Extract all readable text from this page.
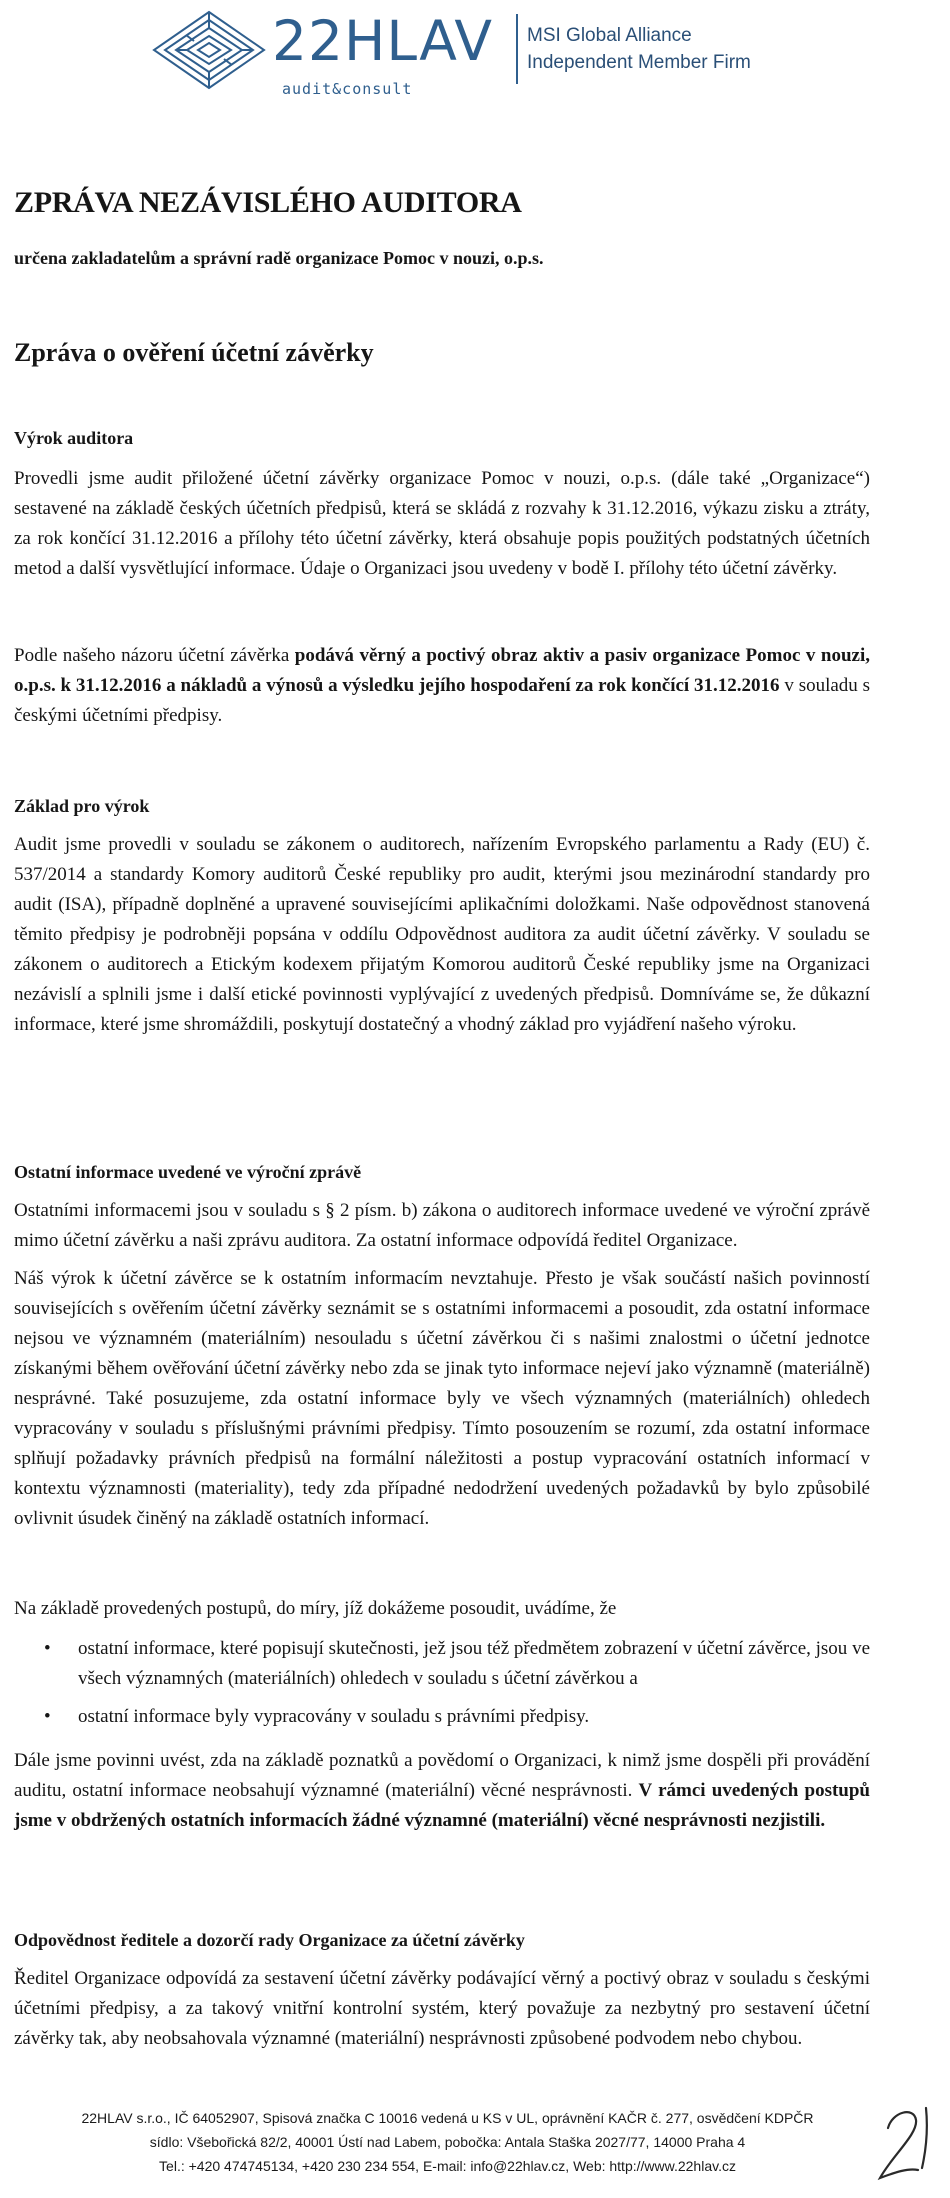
22HLAV
audit&consult
MSI Global Alliance
Independent Member Firm
ZPRÁVA NEZÁVISLÉHO AUDITORA
určena zakladatelům a správní radě organizace Pomoc v nouzi, o.p.s.
Zpráva o ověření účetní závěrky
Výrok auditora

Provedli jsme audit přiložené účetní závěrky organizace Pomoc v nouzi, o.p.s. (dále také „Organizace“) sestavené na základě českých účetních předpisů, která se skládá z rozvahy k 31.12.2016, výkazu zisku a ztráty, za rok končící 31.12.2016 a přílohy této účetní závěrky, která obsahuje popis použitých podstatných účetních metod a další vysvětlující informace. Údaje o Organizaci jsou uvedeny v bodě I. přílohy této účetní závěrky.

Podle našeho názoru účetní závěrka podává věrný a poctivý obraz aktiv a pasiv organizace Pomoc v nouzi, o.p.s. k 31.12.2016 a nákladů a výnosů a výsledku jejího hospodaření za rok končící 31.12.2016 v souladu s českými účetními předpisy.

Základ pro výrok

Audit jsme provedli v souladu se zákonem o auditorech, nařízením Evropského parlamentu a Rady (EU) č. 537/2014 a standardy Komory auditorů České republiky pro audit, kterými jsou mezinárodní standardy pro audit (ISA), případně doplněné a upravené souvisejícími aplikačními doložkami. Naše odpovědnost stanovená těmito předpisy je podrobněji popsána v oddílu Odpovědnost auditora za audit účetní závěrky. V souladu se zákonem o auditorech a Etickým kodexem přijatým Komorou auditorů České republiky jsme na Organizaci nezávislí a splnili jsme i další etické povinnosti vyplývající z uvedených předpisů. Domníváme se, že důkazní informace, které jsme shromáždili, poskytují dostatečný a vhodný základ pro vyjádření našeho výroku.

Ostatní informace uvedené ve výroční zprávě

Ostatními informacemi jsou v souladu s § 2 písm. b) zákona o auditorech informace uvedené ve výroční zprávě mimo účetní závěrku a naši zprávu auditora. Za ostatní informace odpovídá ředitel Organizace.

Náš výrok k účetní závěrce se k ostatním informacím nevztahuje. Přesto je však součástí našich povinností souvisejících s ověřením účetní závěrky seznámit se s ostatními informacemi a posoudit, zda ostatní informace nejsou ve významném (materiálním) nesouladu s účetní závěrkou či s našimi znalostmi o účetní jednotce získanými během ověřování účetní závěrky nebo zda se jinak tyto informace nejeví jako významně (materiálně) nesprávné. Také posuzujeme, zda ostatní informace byly ve všech významných (materiálních) ohledech vypracovány v souladu s příslušnými právními předpisy. Tímto posouzením se rozumí, zda ostatní informace splňují požadavky právních předpisů na formální náležitosti a postup vypracování ostatních informací v kontextu významnosti (materiality), tedy zda případné nedodržení uvedených požadavků by bylo způsobilé ovlivnit úsudek činěný na základě ostatních informací.

Na základě provedených postupů, do míry, jíž dokážeme posoudit, uvádíme, že

• ostatní informace, které popisují skutečnosti, jež jsou též předmětem zobrazení v účetní závěrce, jsou ve všech významných (materiálních) ohledech v souladu s účetní závěrkou a
• ostatní informace byly vypracovány v souladu s právními předpisy.

Dále jsme povinni uvést, zda na základě poznatků a povědomí o Organizaci, k nimž jsme dospěli při provádění auditu, ostatní informace neobsahují významné (materiální) věcné nesprávnosti. V rámci uvedených postupů jsme v obdržených ostatních informacích žádné významné (materiální) věcné nesprávnosti nezjistili.

Odpovědnost ředitele a dozorčí rady Organizace za účetní závěrky

Ředitel Organizace odpovídá za sestavení účetní závěrky podávající věrný a poctivý obraz v souladu s českými účetními předpisy, a za takový vnitřní kontrolní systém, který považuje za nezbytný pro sestavení účetní závěrky tak, aby neobsahovala významné (materiální) nesprávnosti způsobené podvodem nebo chybou.

22HLAV s.r.o., IČ 64052907, Spisová značka C 10016 vedená u KS v UL, oprávnění KAČR č. 277, osvědčení KDPČR
sídlo: Všebořická 82/2, 40001 Ústí nad Labem, pobočka: Antala Staška 2027/77, 14000 Praha 4
Tel.: +420 474745134, +420 230 234 554, E-mail: info@22hlav.cz, Web: http://www.22hlav.cz
